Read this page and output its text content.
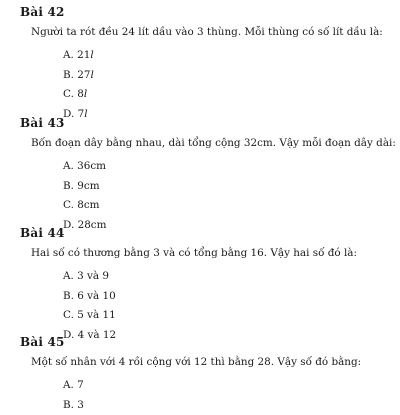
Bài 42
Người ta rót đều 24 lít dầu vào 3 thùng. Mỗi thùng có số lít dầu là:
A. 21l
B. 27l
C. 8l
D. 7l
Bài 43
Bốn đoạn dây bằng nhau, dài tổng cộng 32cm. Vậy mỗi đoạn dây dài:
A. 36cm
B. 9cm
C. 8cm
D. 28cm
Bài 44
Hai số có thương bằng 3 và có tổng bằng 16. Vậy hai số đó là:
A. 3 và 9
B. 6 và 10
C. 5 và 11
D. 4 và 12
Bài 45
Một số nhân với 4 rồi cộng với 12 thì bằng 28. Vậy số đó bằng:
A. 7
B. 3
